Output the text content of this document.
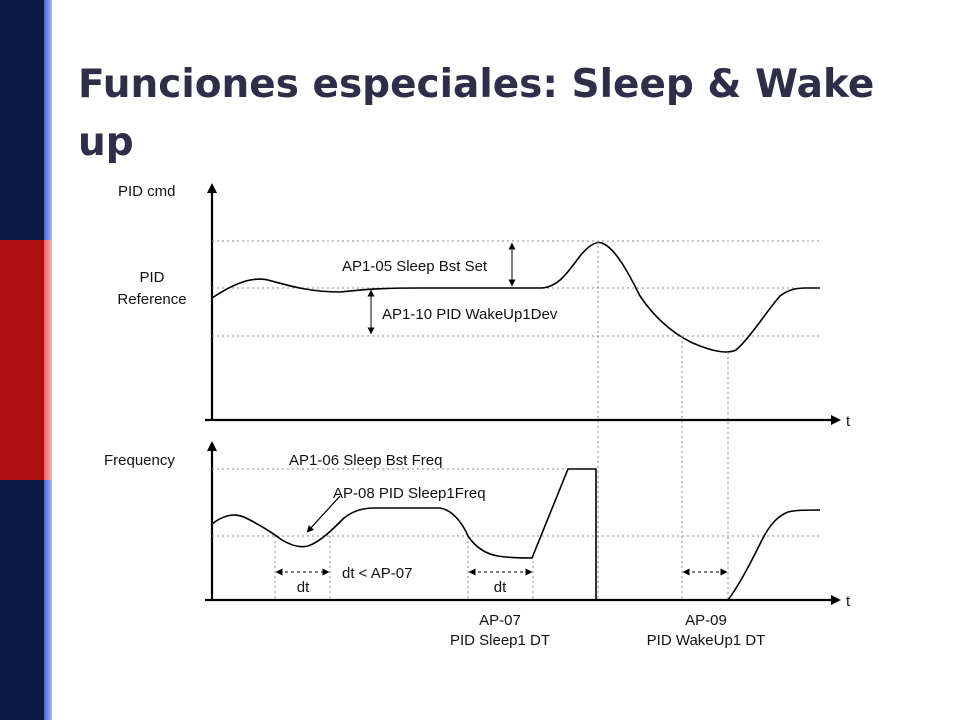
Funciones especiales: Sleep & Wake up
PID cmd
PID
Reference
AP1-05 Sleep Bst Set
AP1-10 PID WakeUp1Dev
t
Frequency	AP1-06 Sleep Bst Freq
AP-08 PID Sleep1Freq
dt
dt < AP-07
dt
AP-07
PID Sleep1 DT
AP-09
PID WakeUp1 DT
t
